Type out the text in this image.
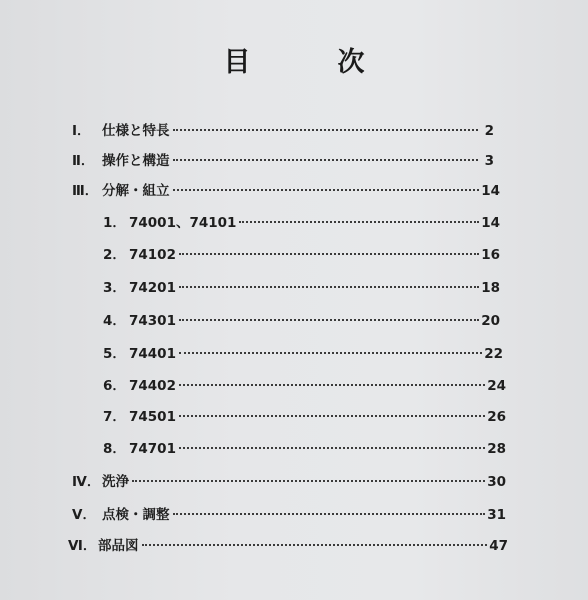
目　次
Ⅰ． 仕様と特長	2
Ⅱ． 操作と構造	3
Ⅲ． 分解・組立	14
1． 74001、74101	14
2． 74102	16
3． 74201	18
4． 74301	20
5． 74401	22
6． 74402	24
7． 74501	26
8． 74701	28
Ⅳ． 洗浄	30
Ⅴ． 点検・調整	31
Ⅵ． 部品図	47
